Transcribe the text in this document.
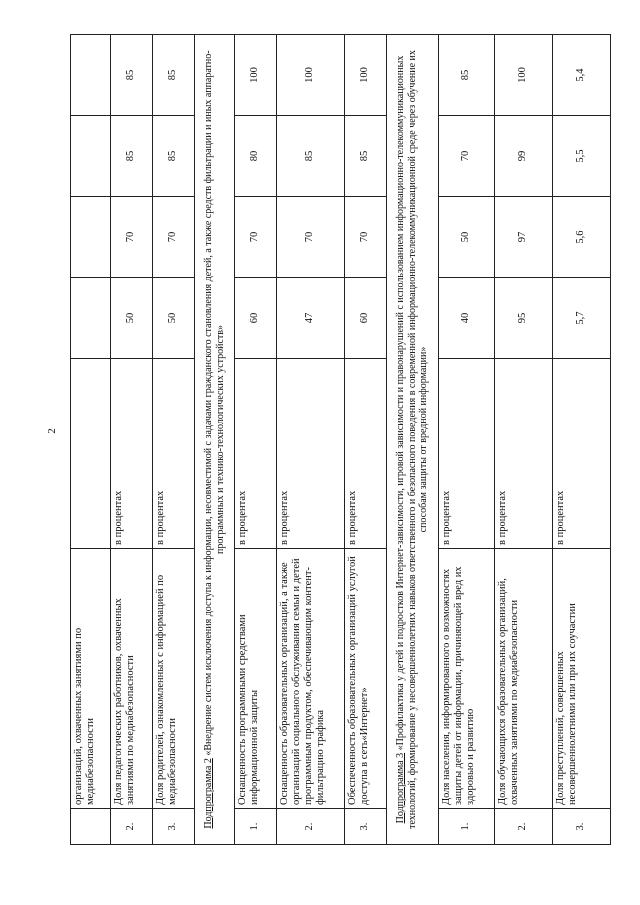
2
	организаций, охваченных занятиями по медиабезопасности					
2.	Доля педагогических работников, охваченных занятиями по медиабезопасности	в процентах	50	70	85	85
3.	Доля родителей, ознакомленных с информацией по медиабезопасности	в процентах	50	70	85	85
Подпрограмма 2 «Внедрение систем исключения доступа к информации, несовместимой с задачами гражданского становления детей, а также средств фильтрации и иных аппаратно-программных и технико-технологических устройств»						
1.	Оснащенность программными средствами информационной защиты	в процентах	60	70	80	100
2.	Оснащенность образовательных организаций, а также организаций социального обслуживания семьи и детей программным продуктом, обеспечивающим контент-фильтрацию трафика	в процентах	47	70	85	100
3.	Обеспеченность образовательных организаций услугой доступа в сеть«Интернет»	в процентах	60	70	85	100
Подпрограмма 3 «Профилактика у детей и подростков Интернет-зависимости, игровой зависимости и правонарушений с использованием информационно-телекоммуникационных технологий, формирование у несовершеннолетних навыков ответственного и безопасного поведения в современной информационно-телекоммуникационной среде через обучение их способам защиты от вредной информации»						
1.	Доля населения, информированного о возможностях защиты детей от информации, причиняющей вред их здоровью и развитию	в процентах	40	50	70	85
2.	Доля обучающихся образовательных организаций, охваченных занятиями по медиабезопасности	в процентах	95	97	99	100
3.	Доля преступлений, совершенных несовершеннолетними или при их соучастии	в процентах	5,7	5,6	5,5	5,4
